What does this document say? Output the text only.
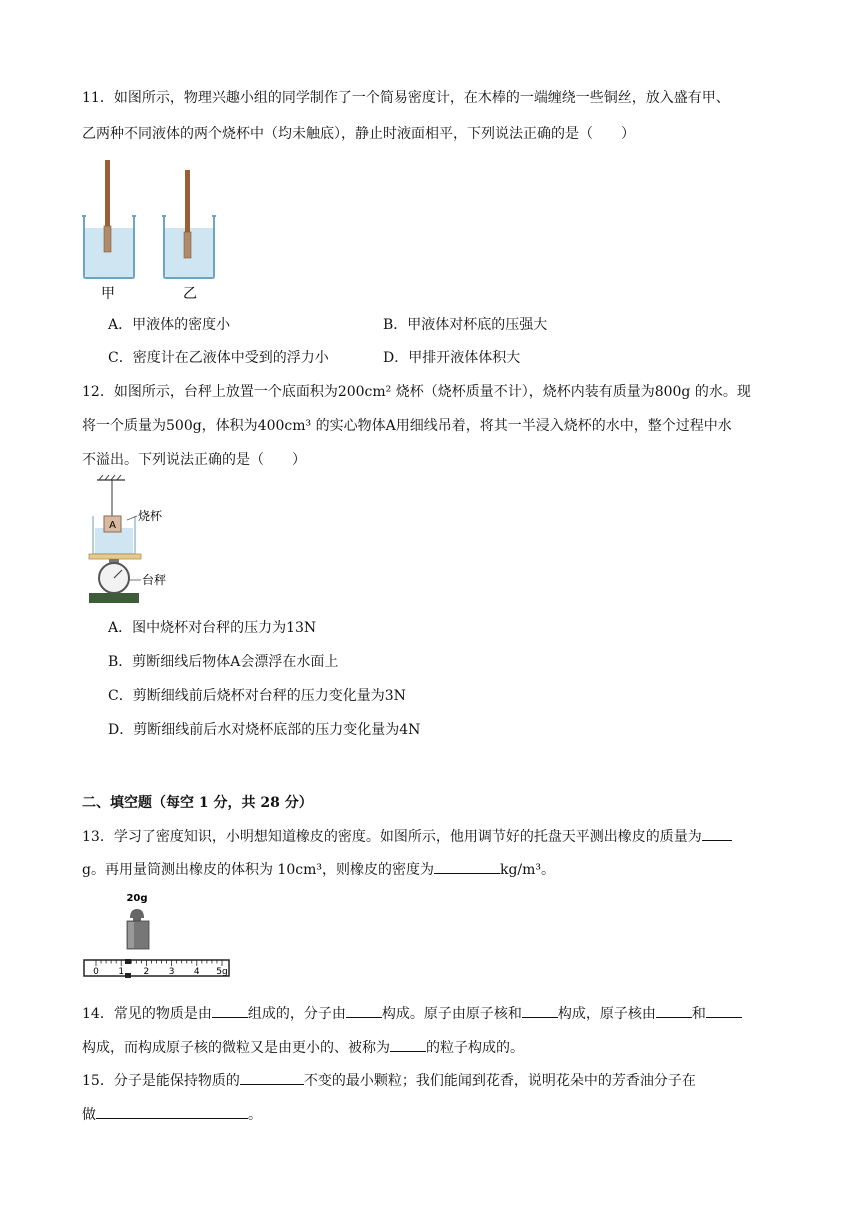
11．如图所示，物理兴趣小组的同学制作了一个简易密度计，在木棒的一端缠绕一些铜丝，放入盛有甲、
乙两种不同液体的两个烧杯中（均未触底），静止时液面相平，下列说法正确的是（　　）
甲	乙
A．甲液体的密度小	B．甲液体对杯底的压强大
C．密度计在乙液体中受到的浮力小	D．甲排开液体体积大
12．如图所示，台秤上放置一个底面积为200cm² 烧杯（烧杯质量不计），烧杯内装有质量为800g 的水。现
将一个质量为500g，体积为400cm³ 的实心物体A用细线吊着，将其一半浸入烧杯的水中，整个过程中水
不溢出。下列说法正确的是（　　）
A
烧杯
台秤
A．图中烧杯对台秤的压力为13N
B．剪断细线后物体A会漂浮在水面上
C．剪断细线前后烧杯对台秤的压力变化量为3N
D．剪断细线前后水对烧杯底部的压力变化量为4N
二、填空题（每空 1 分，共 28 分）
13．学习了密度知识，小明想知道橡皮的密度。如图所示，他用调节好的托盘天平测出橡皮的质量为
g。再用量筒测出橡皮的体积为 10cm³，则橡皮的密度为	kg/m³。
20g
0 1 2 3 4 5g
14．常见的物质是由	组成的，分子由	构成。原子由原子核和	构成，原子核由	和
构成，而构成原子核的微粒又是由更小的、被称为	的粒子构成的。
15．分子是能保持物质的	不变的最小颗粒；我们能闻到花香，说明花朵中的芳香油分子在
做	。
